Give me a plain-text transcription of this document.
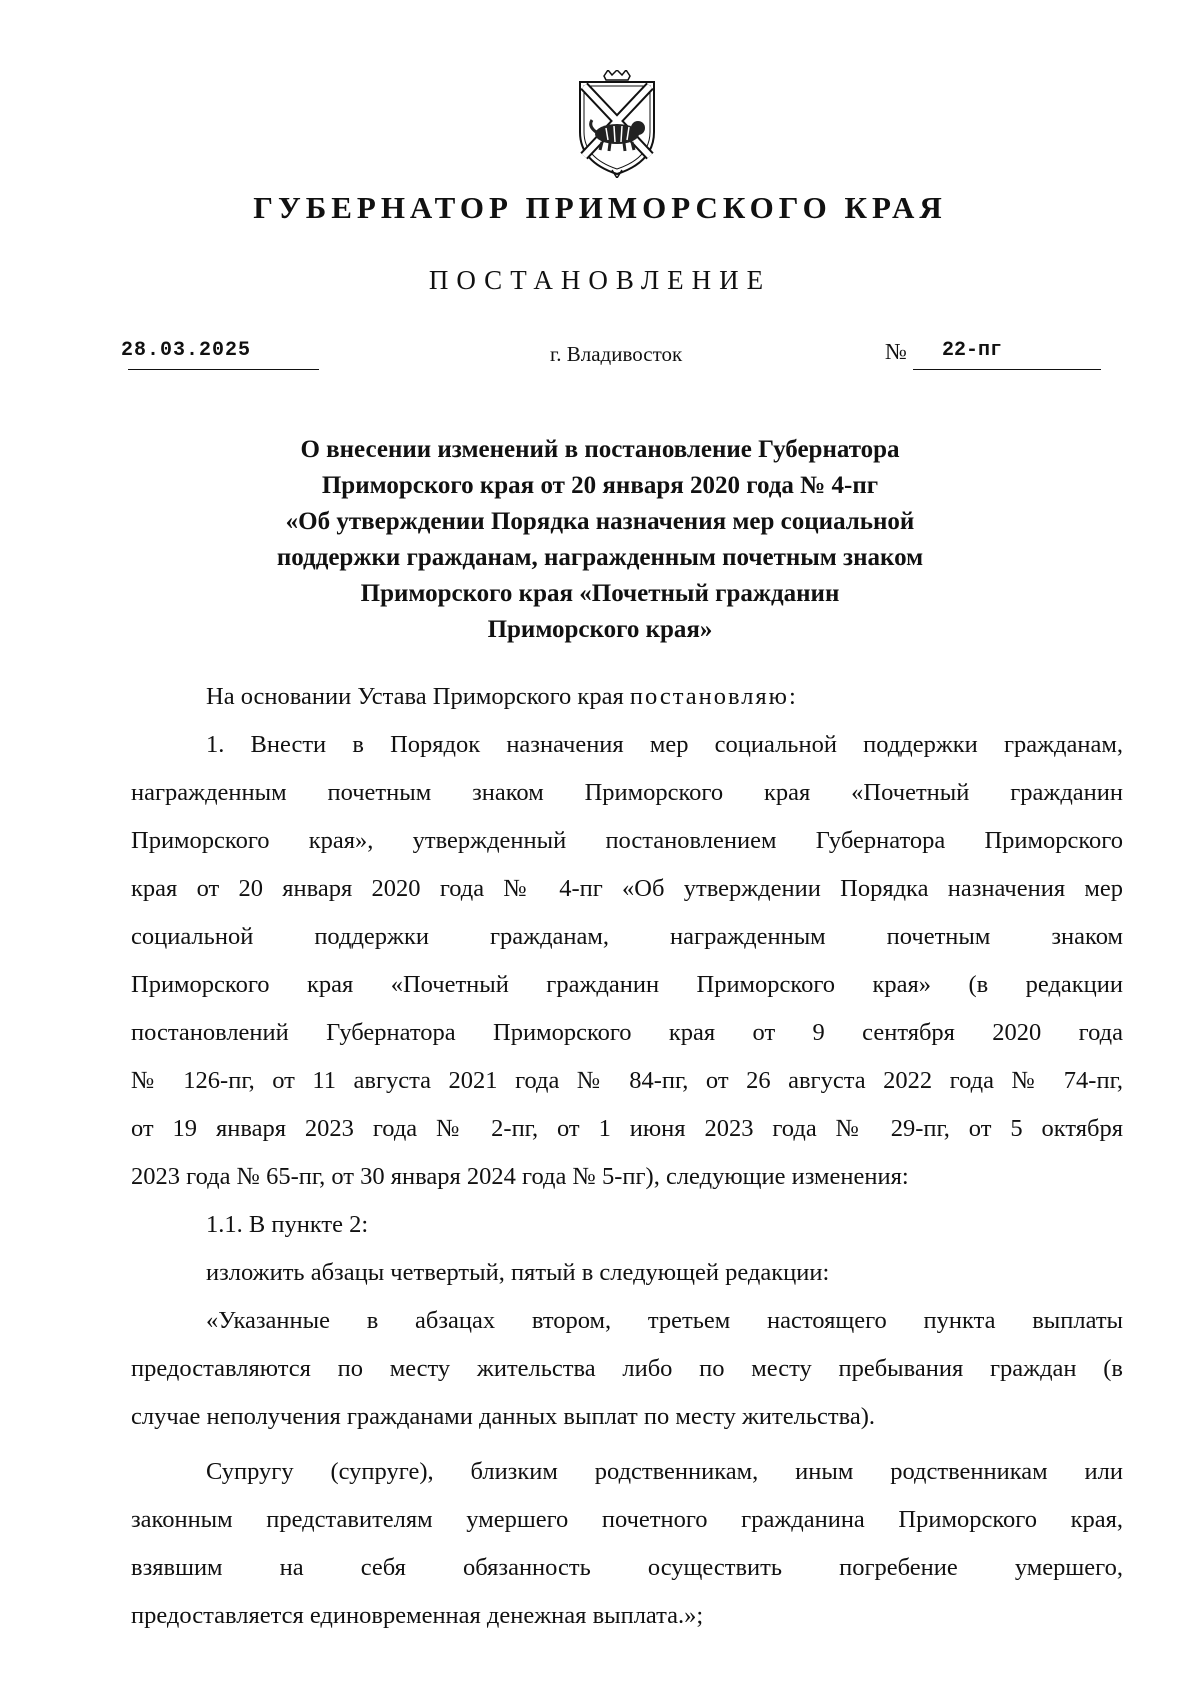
ГУБЕРНАТОР ПРИМОРСКОГО КРАЯ
ПОСТАНОВЛЕНИЕ
28.03.2025	г. Владивосток	№ 22-пг
О внесении изменений в постановление Губернатора
Приморского края от 20 января 2020 года № 4-пг
«Об утверждении Порядка назначения мер социальной
поддержки гражданам, награжденным почетным знаком
Приморского края «Почетный гражданин
Приморского края»
На основании Устава Приморского края постановляю:
1. Внести в Порядок назначения мер социальной поддержки гражданам,
награжденным почетным знаком Приморского края «Почетный гражданин
Приморского края», утвержденный постановлением Губернатора Приморского
края от 20 января 2020 года № 4-пг «Об утверждении Порядка назначения мер
социальной поддержки гражданам, награжденным почетным знаком
Приморского края «Почетный гражданин Приморского края» (в редакции
постановлений Губернатора Приморского края от 9 сентября 2020 года
№ 126-пг, от 11 августа 2021 года № 84-пг, от 26 августа 2022 года № 74-пг,
от 19 января 2023 года № 2-пг, от 1 июня 2023 года № 29-пг, от 5 октября
2023 года № 65-пг, от 30 января 2024 года № 5-пг), следующие изменения:
1.1. В пункте 2:
изложить абзацы четвертый, пятый в следующей редакции:
«Указанные в абзацах втором, третьем настоящего пункта выплаты
предоставляются по месту жительства либо по месту пребывания граждан (в
случае неполучения гражданами данных выплат по месту жительства).
Супругу (супруге), близким родственникам, иным родственникам или
законным представителям умершего почетного гражданина Приморского края,
взявшим на себя обязанность осуществить погребение умершего,
предоставляется единовременная денежная выплата.»;
